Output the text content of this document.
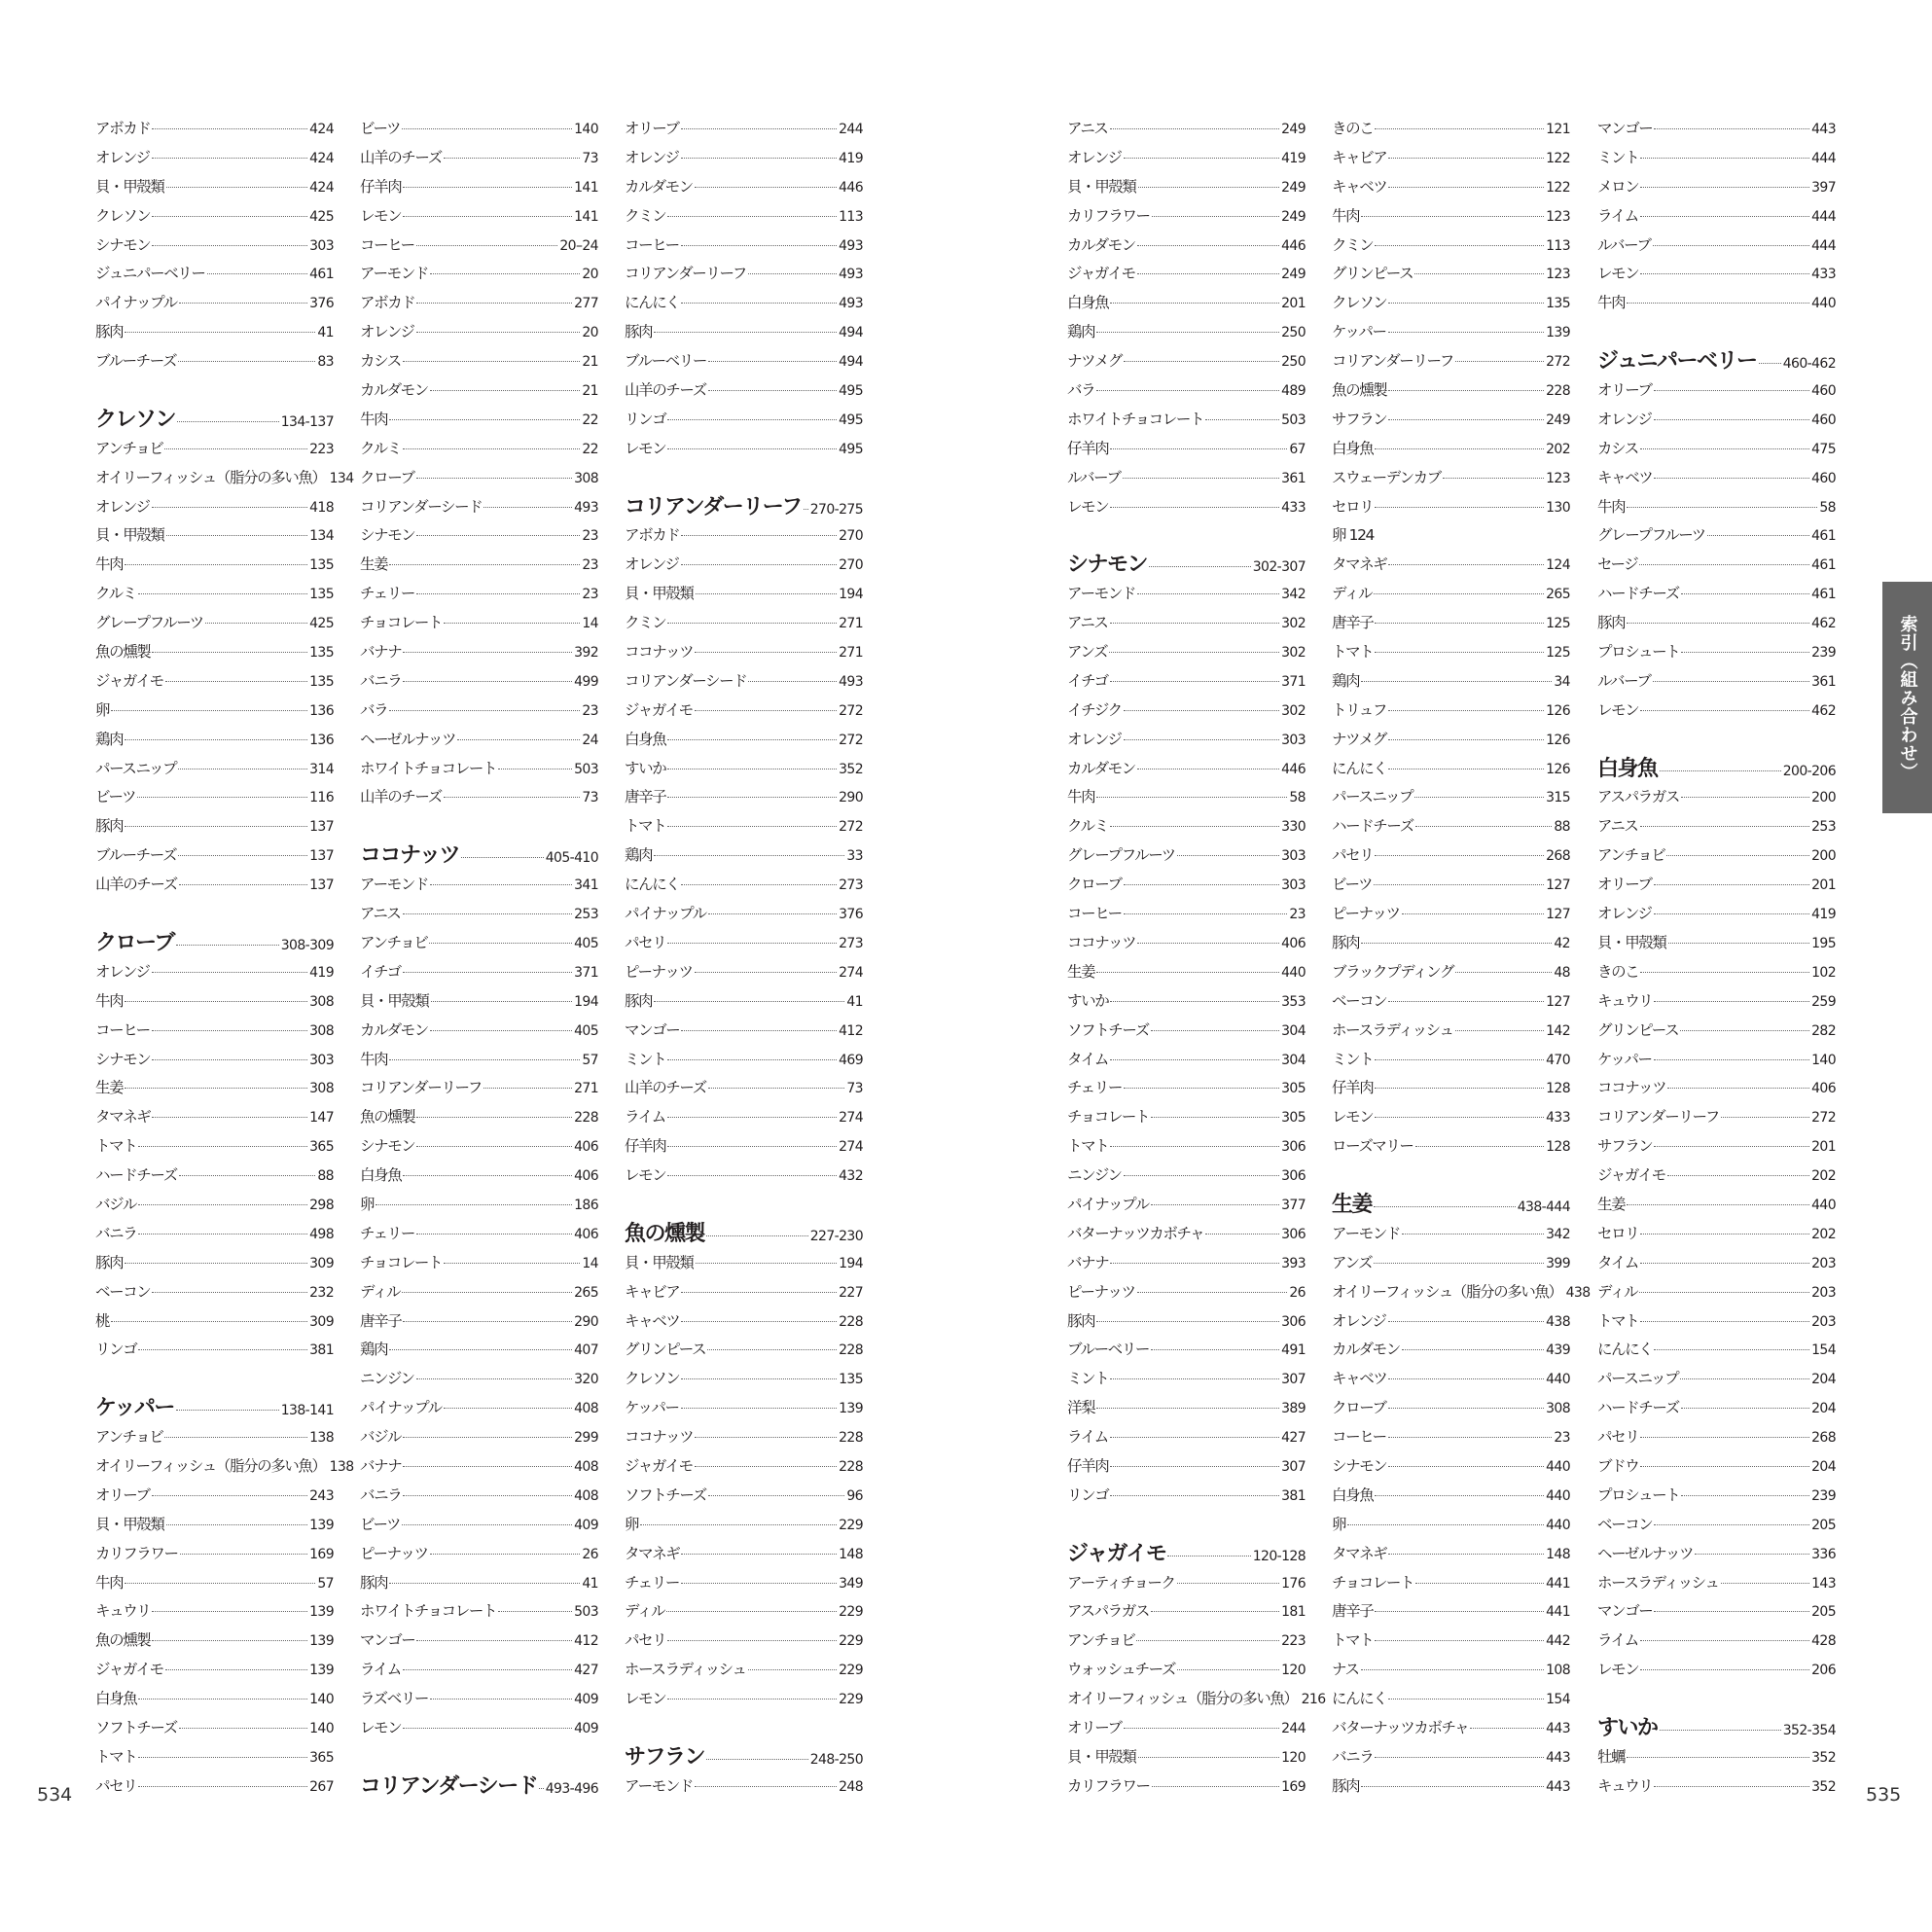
アボカド	424
オレンジ	424
貝・甲殻類	424
クレソン	425
シナモン	303
ジュニパーベリー	461
パイナップル	376
豚肉	41
ブルーチーズ	83
クレソン	134-137
アンチョビ	223
オイリーフィッシュ（脂分の多い魚） 134
オレンジ	418
貝・甲殻類	134
牛肉	135
クルミ	135
グレープフルーツ	425
魚の燻製	135
ジャガイモ	135
卵	136
鶏肉	136
パースニップ	314
ビーツ	116
豚肉	137
ブルーチーズ	137
山羊のチーズ	137
クローブ	308-309
オレンジ	419
牛肉	308
コーヒー	308
シナモン	303
生姜	308
タマネギ	147
トマト	365
ハードチーズ	88
バジル	298
バニラ	498
豚肉	309
ベーコン	232
桃	309
リンゴ	381
ケッパー	138-141
アンチョビ	138
オイリーフィッシュ（脂分の多い魚） 138
オリーブ	243
貝・甲殻類	139
カリフラワー	169
牛肉	57
キュウリ	139
魚の燻製	139
ジャガイモ	139
白身魚	140
ソフトチーズ	140
トマト	365
パセリ	267
ビーツ	140
山羊のチーズ	73
仔羊肉	141
レモン	141
コーヒー	20–24
アーモンド	20
アボカド	277
オレンジ	20
カシス	21
カルダモン	21
牛肉	22
クルミ	22
クローブ	308
コリアンダーシード	493
シナモン	23
生姜	23
チェリー	23
チョコレート	14
バナナ	392
バニラ	499
バラ	23
ヘーゼルナッツ	24
ホワイトチョコレート	503
山羊のチーズ	73
ココナッツ	405-410
アーモンド	341
アニス	253
アンチョビ	405
イチゴ	371
貝・甲殻類	194
カルダモン	405
牛肉	57
コリアンダーリーフ	271
魚の燻製	228
シナモン	406
白身魚	406
卵	186
チェリー	406
チョコレート	14
ディル	265
唐辛子	290
鶏肉	407
ニンジン	320
パイナップル	408
バジル	299
バナナ	408
バニラ	408
ビーツ	409
ピーナッツ	26
豚肉	41
ホワイトチョコレート	503
マンゴー	412
ライム	427
ラズベリー	409
レモン	409
コリアンダーシード 493-496
オリーブ	244
オレンジ	419
カルダモン	446
クミン	113
コーヒー	493
コリアンダーリーフ	493
にんにく	493
豚肉	494
ブルーベリー	494
山羊のチーズ	495
リンゴ	495
レモン	495
コリアンダーリーフ 270-275
アボカド	270
オレンジ	270
貝・甲殻類	194
クミン	271
ココナッツ	271
コリアンダーシード	493
ジャガイモ	272
白身魚	272
すいか	352
唐辛子	290
トマト	272
鶏肉	33
にんにく	273
パイナップル	376
パセリ	273
ピーナッツ	274
豚肉	41
マンゴー	412
ミント	469
山羊のチーズ	73
ライム	274
仔羊肉	274
レモン	432
魚の燻製	227-230
貝・甲殻類	194
キャビア	227
キャベツ	228
グリンピース	228
クレソン	135
ケッパー	139
ココナッツ	228
ジャガイモ	228
ソフトチーズ	96
卵	229
タマネギ	148
チェリー	349
ディル	229
パセリ	229
ホースラディッシュ	229
レモン	229
サフラン	248-250
アーモンド	248
アニス	249
オレンジ	419
貝・甲殻類	249
カリフラワー	249
カルダモン	446
ジャガイモ	249
白身魚	201
鶏肉	250
ナツメグ	250
バラ	489
ホワイトチョコレート	503
仔羊肉	67
ルバーブ	361
レモン	433
シナモン	302-307
アーモンド	342
アニス	302
アンズ	302
イチゴ	371
イチジク	302
オレンジ	303
カルダモン	446
牛肉	58
クルミ	330
グレープフルーツ	303
クローブ	303
コーヒー	23
ココナッツ	406
生姜	440
すいか	353
ソフトチーズ	304
タイム	304
チェリー	305
チョコレート	305
トマト	306
ニンジン	306
パイナップル	377
バターナッツカボチャ	306
バナナ	393
ピーナッツ	26
豚肉	306
ブルーベリー	491
ミント	307
洋梨	389
ライム	427
仔羊肉	307
リンゴ	381
ジャガイモ	120-128
アーティチョーク	176
アスパラガス	181
アンチョビ	223
ウォッシュチーズ	120
オイリーフィッシュ（脂分の多い魚） 216
オリーブ	244
貝・甲殻類	120
カリフラワー	169
きのこ	121
キャビア	122
キャベツ	122
牛肉	123
クミン	113
グリンピース	123
クレソン	135
ケッパー	139
コリアンダーリーフ	272
魚の燻製	228
サフラン	249
白身魚	202
スウェーデンカブ	123
セロリ	130
卵 124
タマネギ	124
ディル	265
唐辛子	125
トマト	125
鶏肉	34
トリュフ	126
ナツメグ	126
にんにく	126
パースニップ	315
ハードチーズ	88
パセリ	268
ビーツ	127
ピーナッツ	127
豚肉	42
ブラックプディング	48
ベーコン	127
ホースラディッシュ	142
ミント	470
仔羊肉	128
レモン	433
ローズマリー	128
生姜	438-444
アーモンド	342
アンズ	399
オイリーフィッシュ（脂分の多い魚） 438
オレンジ	438
カルダモン	439
キャベツ	440
クローブ	308
コーヒー	23
シナモン	440
白身魚	440
卵	440
タマネギ	148
チョコレート	441
唐辛子	441
トマト	442
ナス	108
にんにく	154
バターナッツカボチャ	443
バニラ	443
豚肉	443
マンゴー	443
ミント	444
メロン	397
ライム	444
ルバーブ	444
レモン	433
牛肉	440
ジュニパーベリー 460-462
オリーブ	460
オレンジ	460
カシス	475
キャベツ	460
牛肉	58
グレープフルーツ	461
セージ	461
ハードチーズ	461
豚肉	462
プロシュート	239
ルバーブ	361
レモン	462
白身魚	200-206
アスパラガス	200
アニス	253
アンチョビ	200
オリーブ	201
オレンジ	419
貝・甲殻類	195
きのこ	102
キュウリ	259
グリンピース	282
ケッパー	140
ココナッツ	406
コリアンダーリーフ	272
サフラン	201
ジャガイモ	202
生姜	440
セロリ	202
タイム	203
ディル	203
トマト	203
にんにく	154
パースニップ	204
ハードチーズ	204
パセリ	268
ブドウ	204
プロシュート	239
ベーコン	205
ヘーゼルナッツ	336
ホースラディッシュ	143
マンゴー	205
ライム	428
レモン	206
すいか	352-354
牡蠣	352
キュウリ	352
534	535
索引（組み合わせ）
